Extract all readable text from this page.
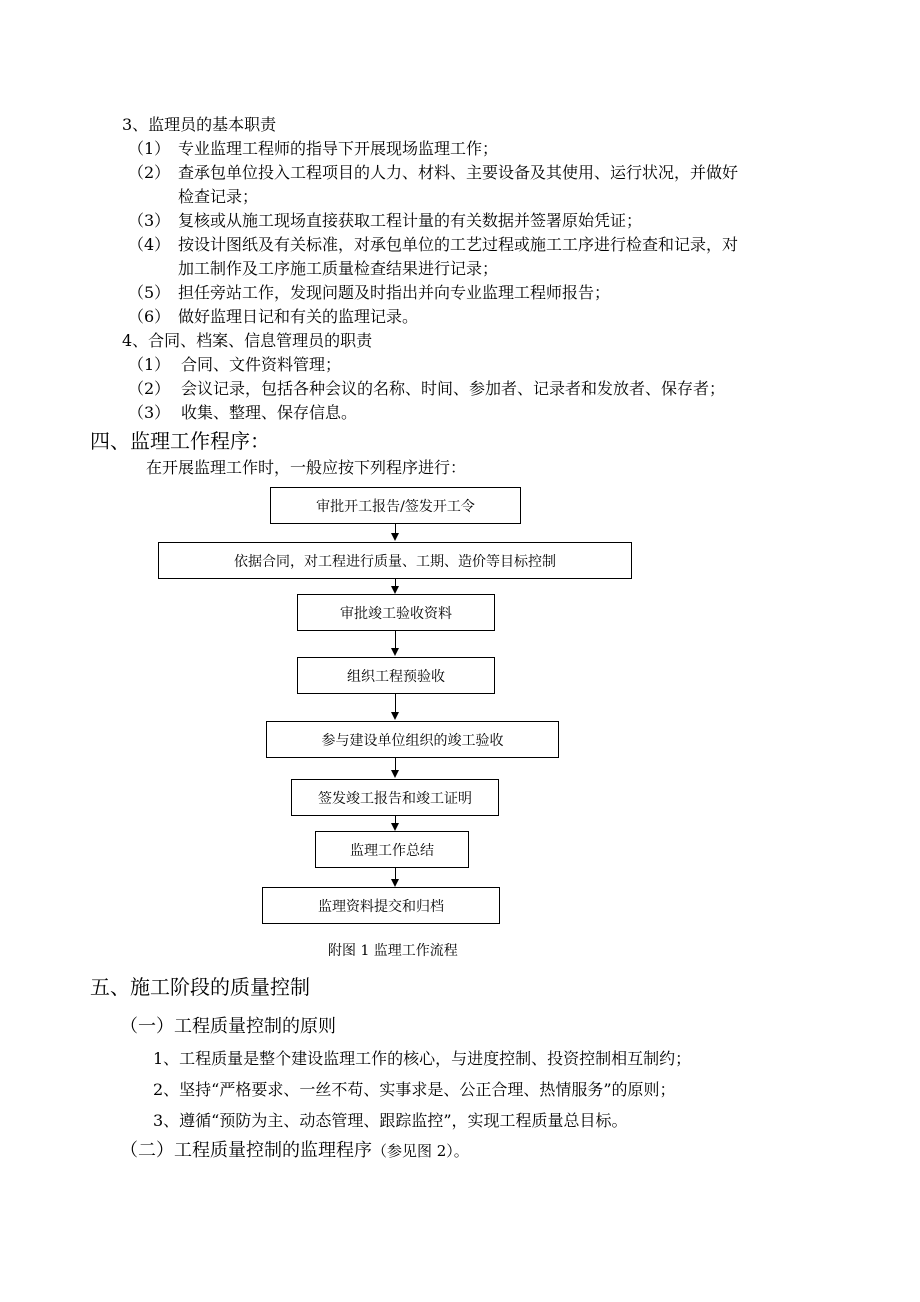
3、监理员的基本职责
（1） 专业监理工程师的指导下开展现场监理工作；
（2） 查承包单位投入工程项目的人力、材料、主要设备及其使用、运行状况，并做好
检查记录；
（3） 复核或从施工现场直接获取工程计量的有关数据并签署原始凭证；
（4） 按设计图纸及有关标准，对承包单位的工艺过程或施工工序进行检查和记录，对
加工制作及工序施工质量检查结果进行记录；
（5） 担任旁站工作，发现问题及时指出并向专业监理工程师报告；
（6） 做好监理日记和有关的监理记录。
4、合同、档案、信息管理员的职责
（1） 合同、文件资料管理；
（2） 会议记录，包括各种会议的名称、时间、参加者、记录者和发放者、保存者；
（3） 收集、整理、保存信息。
四、监理工作程序：
在开展监理工作时，一般应按下列程序进行：
审批开工报告/签发开工令
依据合同，对工程进行质量、工期、造价等目标控制
审批竣工验收资料
组织工程预验收
参与建设单位组织的竣工验收
签发竣工报告和竣工证明
监理工作总结
监理资料提交和归档
附图 1 监理工作流程
五、施工阶段的质量控制
（一）工程质量控制的原则
1、工程质量是整个建设监理工作的核心，与进度控制、投资控制相互制约；
2、坚持“严格要求、一丝不苟、实事求是、公正合理、热情服务”的原则；
3、遵循“预防为主、动态管理、跟踪监控”，实现工程质量总目标。
（二）工程质量控制的监理程序（参见图 2）。
